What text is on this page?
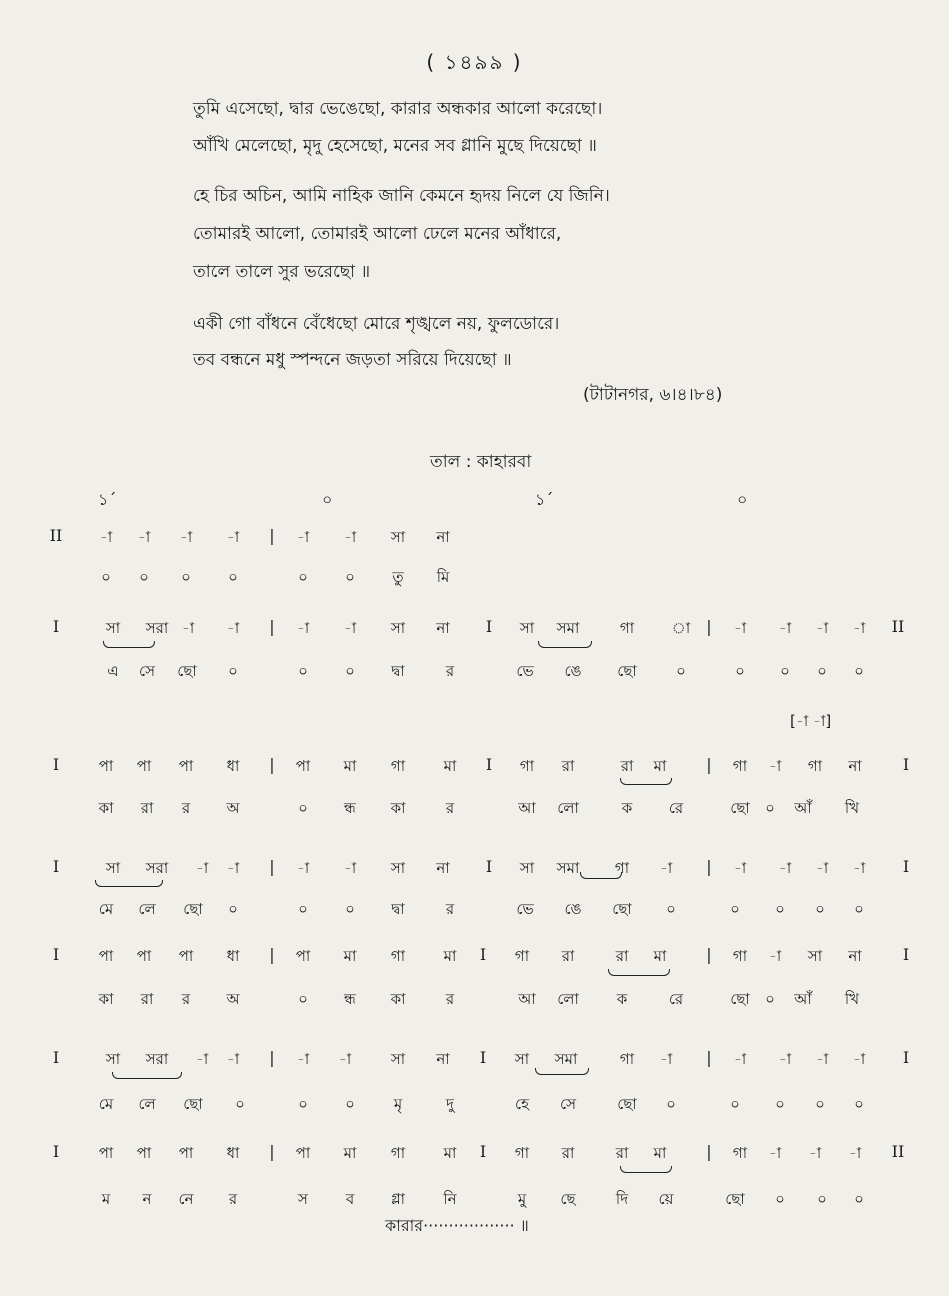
( ১৪৯৯ )
তুমি এসেছো, দ্বার ভেঙেছো, কারার অন্ধকার আলো করেছো।
আঁখি মেলেছো, মৃদু হেসেছো, মনের সব গ্লানি মুছে দিয়েছো ॥
হে চির অচিন, আমি নাহিক জানি কেমনে হৃদয় নিলে যে জিনি।
তোমারই আলো, তোমারই আলো ঢেলে মনের আঁধারে,
তালে তালে সুর ভরেছো ॥
একী গো বাঁধনে বেঁধেছো মোরে শৃঙ্খলে নয়, ফুলডোরে।
তব বন্ধনে মধু স্পন্দনে জড়তা সরিয়ে দিয়েছো ॥
(টাটানগর, ৬।৪।৮৪)
তাল : কাহারবা
১´	০	১´	০
[-া -া]
II	-া -া -া -া | -া -া সা না
০ ০ ০ ০	০ ০ তু মি
I	সা সরা -া -া | -া -া সা না I সা সমা	গা	া | -া -া -া -া II
এ সে ছো ০	০ ০ দ্বা	র	ভে ঙে ছো	০	০ ০ ০ ০
I	পা পা পা ধা | পা মা গা	মা I গা রা	রা মা | গা -া গা না	I
কা রা র অ	০ ন্ধ কা	র	আ লো	ক রে	ছো ০ আঁ খি
I	সা সরা -া -া | -া -া সা না I সা সমা গা -া | -া -া -া -া I
মে লে ছো ০	০ ০ দ্বা	র	ভে ঙে ছো ০	০ ০ ০ ০
I	পা পা পা ধা | পা মা গা	মা I গা রা	রা মা | গা -া সা না	I
কা রা র অ	০ ন্ধ কা	র	আ লো	ক	রে	ছো ০ আঁ খি
I	সা সরা -া -া | -া -া	সা না I সা সমা	গা -া | -া -া -া -া I
মে লে ছো ০	০ ০	মৃ	দু	হে সে	ছো ০	০ ০ ০ ০
I	পা পা পা ধা | পা মা গা	মা I গা রা	রা মা | গা -া -া -া II
ম ন নে র	স	ব গ্লা	নি	মু ছে	দি য়ে	ছো ০ ০ ০
কারার·················· ॥
